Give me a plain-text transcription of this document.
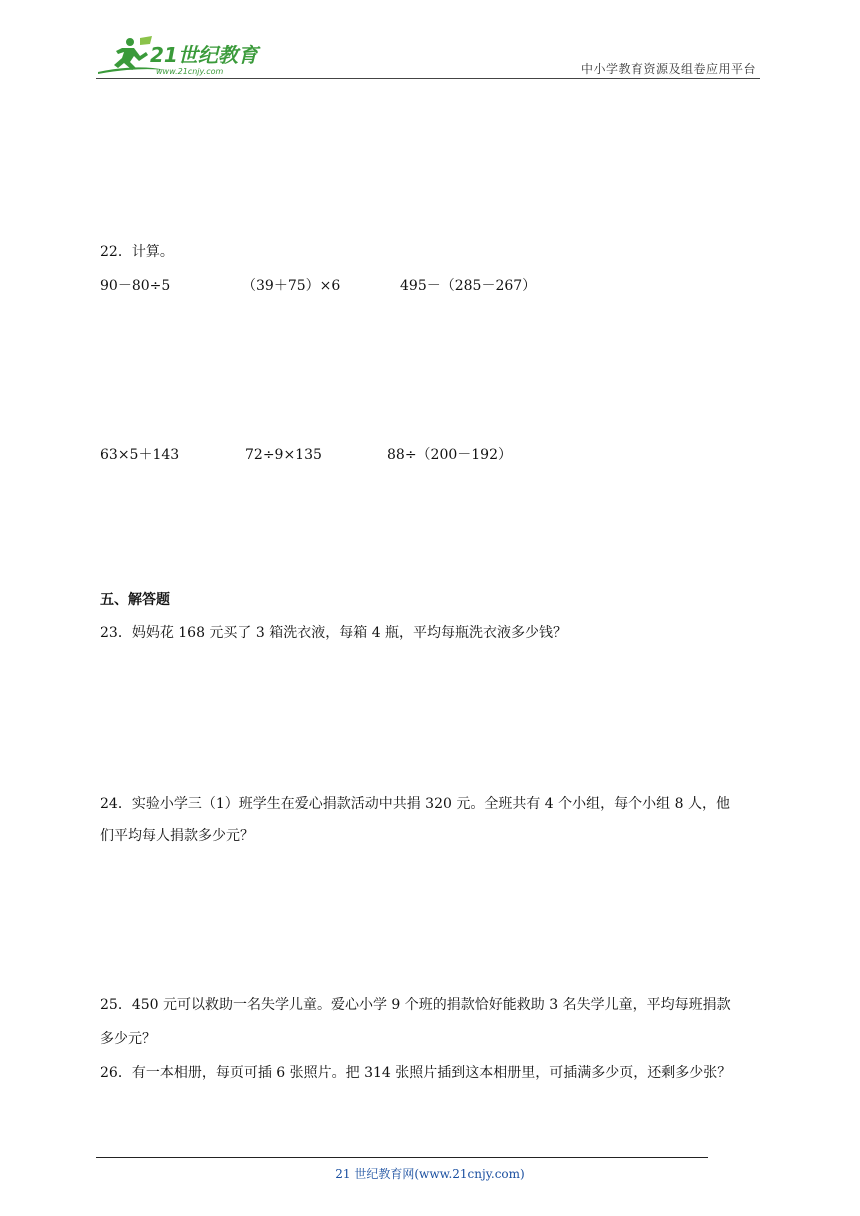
21世纪教育
www.21cnjy.com	中小学教育资源及组卷应用平台
22．计算。
90－80÷5	（39＋75）×6	495－（285－267）
63×5＋143	72÷9×135	88÷（200－192）
五、解答题
23．妈妈花 168 元买了 3 箱洗衣液，每箱 4 瓶，平均每瓶洗衣液多少钱？
24．实验小学三（1）班学生在爱心捐款活动中共捐 320 元。全班共有 4 个小组，每个小组 8 人，他
们平均每人捐款多少元？
25．450 元可以救助一名失学儿童。爱心小学 9 个班的捐款恰好能救助 3 名失学儿童，平均每班捐款
多少元？
26．有一本相册，每页可插 6 张照片。把 314 张照片插到这本相册里，可插满多少页，还剩多少张？
21 世纪教育网(www.21cnjy.com)
